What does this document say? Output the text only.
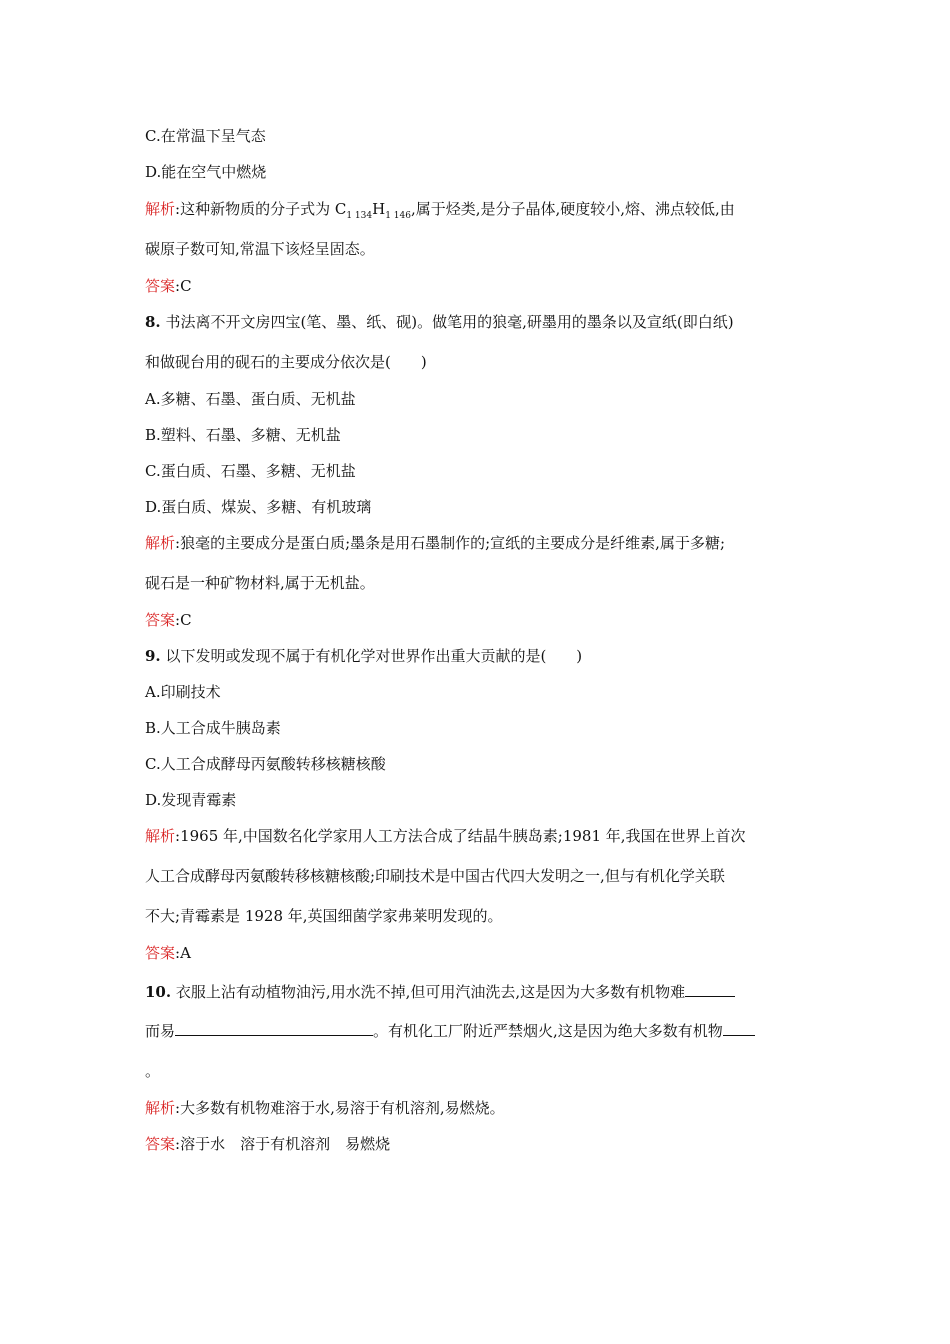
C.在常温下呈气态
D.能在空气中燃烧
解析:这种新物质的分子式为 $C_{1 134}H_{1 146}$,属于烃类,是分子晶体,硬度较小,熔、沸点较低,由
碳原子数可知,常温下该烃呈固态。
答案:C
8. 书法离不开文房四宝(笔、墨、纸、砚)。做笔用的狼毫,研墨用的墨条以及宣纸(即白纸)
和做砚台用的砚石的主要成分依次是(　　)
A.多糖、石墨、蛋白质、无机盐
B.塑料、石墨、多糖、无机盐
C.蛋白质、石墨、多糖、无机盐
D.蛋白质、煤炭、多糖、有机玻璃
解析:狼毫的主要成分是蛋白质;墨条是用石墨制作的;宣纸的主要成分是纤维素,属于多糖;
砚石是一种矿物材料,属于无机盐。
答案:C
9. 以下发明或发现不属于有机化学对世界作出重大贡献的是(　　)
A.印刷技术
B.人工合成牛胰岛素
C.人工合成酵母丙氨酸转移核糖核酸
D.发现青霉素
解析:1965 年,中国数名化学家用人工方法合成了结晶牛胰岛素;1981 年,我国在世界上首次
人工合成酵母丙氨酸转移核糖核酸;印刷技术是中国古代四大发明之一,但与有机化学关联
不大;青霉素是 1928 年,英国细菌学家弗莱明发现的。
答案:A
10. 衣服上沾有动植物油污,用水洗不掉,但可用汽油洗去,这是因为大多数有机物难
而易	。有机化工厂附近严禁烟火,这是因为绝大多数有机物
。
解析:大多数有机物难溶于水,易溶于有机溶剂,易燃烧。
答案:溶于水　溶于有机溶剂　易燃烧
